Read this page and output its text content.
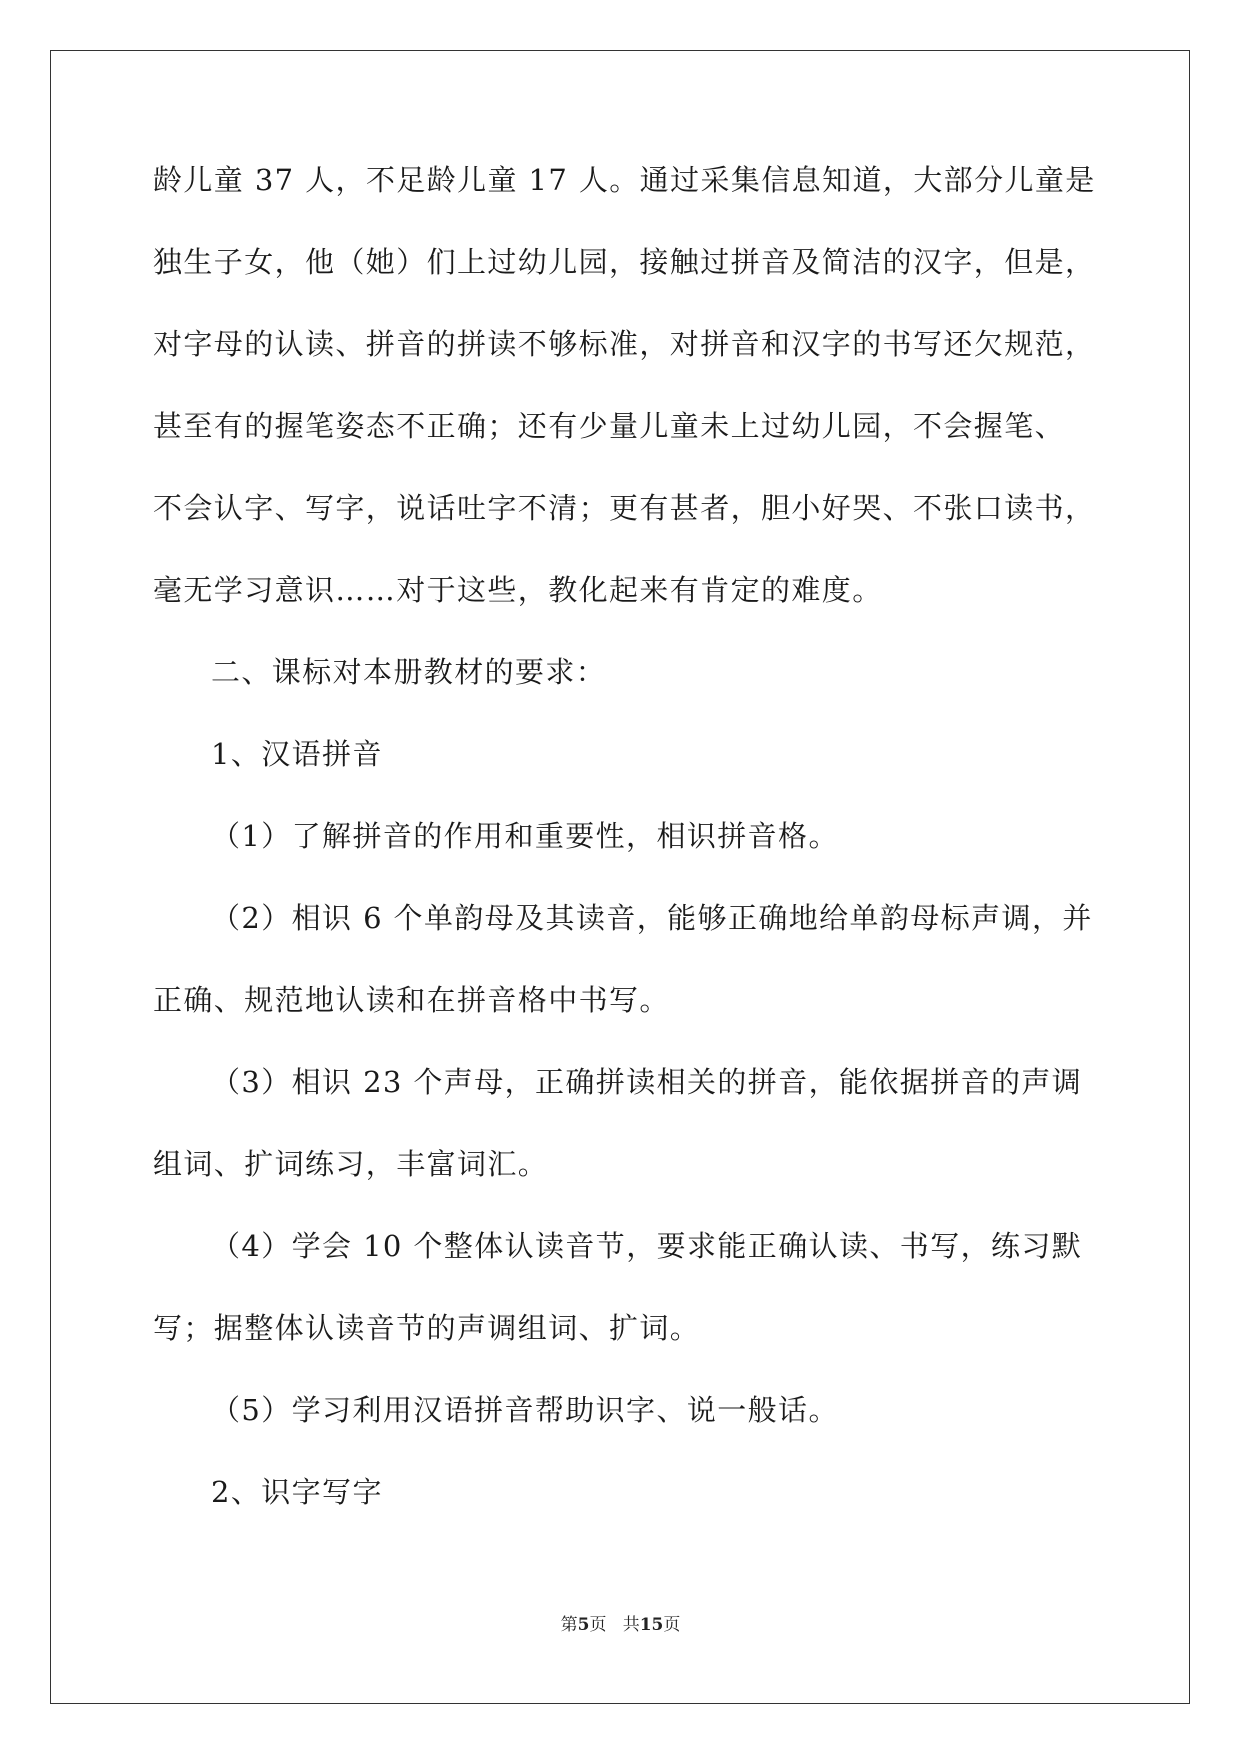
龄儿童 37 人，不足龄儿童 17 人。通过采集信息知道，大部分儿童是
独生子女，他（她）们上过幼儿园，接触过拼音及简洁的汉字，但是，
对字母的认读、拼音的拼读不够标准，对拼音和汉字的书写还欠规范，
甚至有的握笔姿态不正确；还有少量儿童未上过幼儿园，不会握笔、
不会认字、写字，说话吐字不清；更有甚者，胆小好哭、不张口读书，
毫无学习意识……对于这些，教化起来有肯定的难度。
二、课标对本册教材的要求：
1、汉语拼音
（1）了解拼音的作用和重要性，相识拼音格。
（2）相识 6 个单韵母及其读音，能够正确地给单韵母标声调，并
正确、规范地认读和在拼音格中书写。
（3）相识 23 个声母，正确拼读相关的拼音，能依据拼音的声调
组词、扩词练习，丰富词汇。
（4）学会 10 个整体认读音节，要求能正确认读、书写，练习默
写；据整体认读音节的声调组词、扩词。
（5）学习利用汉语拼音帮助识字、说一般话。
2、识字写字
第5页 共15页
